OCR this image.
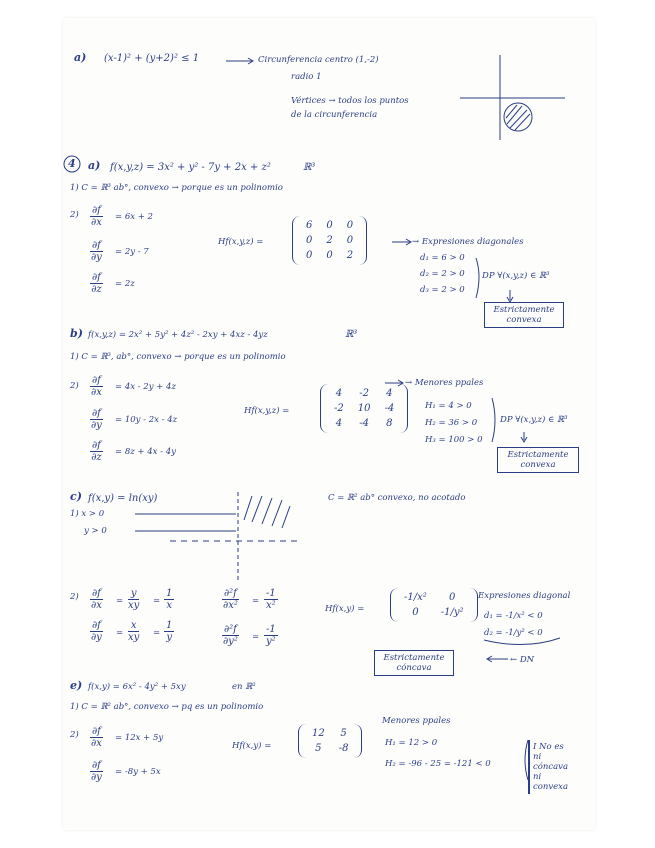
a) (x-1)² + (y+2)² ≤ 1	Circunferencia centro (1,-2)
radio 1
Vértices → todos los puntos
de la circunferencia
4 a) f(x,y,z) = 3x² + y² - 7y + 2x + z²	ℝ³
1) C = ℝ³ ab°, convexo → porque es un polinomio
$2) \frac{\partial f}{\partial x} = 6x + 2$
$\frac{\partial f}{\partial y} = 2y - 7$
$\frac{\partial f}{\partial z} = 2z$
Hf(x,y,z) =
6	0	0
0	2	0
0	0	2
→ Expresiones diagonales
d₁ = 6 > 0
d₂ = 2 > 0
d₃ = 2 > 0
DP ∀(x,y,z) ∈ ℝ³
Estrictamente
convexa
b) f(x,y,z) = 2x² + 5y² + 4z² - 2xy + 4xz - 4yz	ℝ³
1) C = ℝ³, ab°, convexo → porque es un polinomio
$2) \frac{\partial f}{\partial x} = 4x - 2y + 4z$
$\frac{\partial f}{\partial y} = 10y - 2x - 4z$
$\frac{\partial f}{\partial z} = 8z + 4x - 4y$
Hf(x,y,z) =
4	-2	4
-2	10	-4
4	-4	8
→ Menores ppales
H₁ = 4 > 0
H₂ = 36 > 0
H₃ = 100 > 0
DP ∀(x,y,z) ∈ ℝ³
Estrictamente
convexa
c) f(x,y) = ln(xy)	C = ℝ² ab° convexo, no acotado
1) x > 0
y > 0
$2) \frac{\partial f}{\partial x} = \frac{y}{xy} = \frac{1}{x}$
$\frac{\partial f}{\partial y} = \frac{x}{xy} = \frac{1}{y}$
$\frac{\text{∂²f}}{\text{∂x²}} = \frac{-1}{\text{x²}}$
$\frac{\text{∂²f}}{\text{∂y²}} = \frac{-1}{\text{y²}}$
Hf(x,y) =
-1/x²	0
0	-1/y²
Expresiones diagonal
d₁ = -1/x² < 0
d₂ = -1/y² < 0
← DN
Estrictamente
cóncava
e) f(x,y) = 6x² - 4y² + 5xy	en ℝ²
1) C = ℝ² ab°, convexo → pq es un polinomio
$2) \frac{\partial f}{\partial x} = 12x + 5y$
$\frac{\partial f}{\partial y} = -8y + 5x$
Hf(x,y) =
12	5
5	-8
Menores ppales
H₁ = 12 > 0
H₂ = -96 - 25 = -121 < 0
I No es
ni cóncava
ni convexa
